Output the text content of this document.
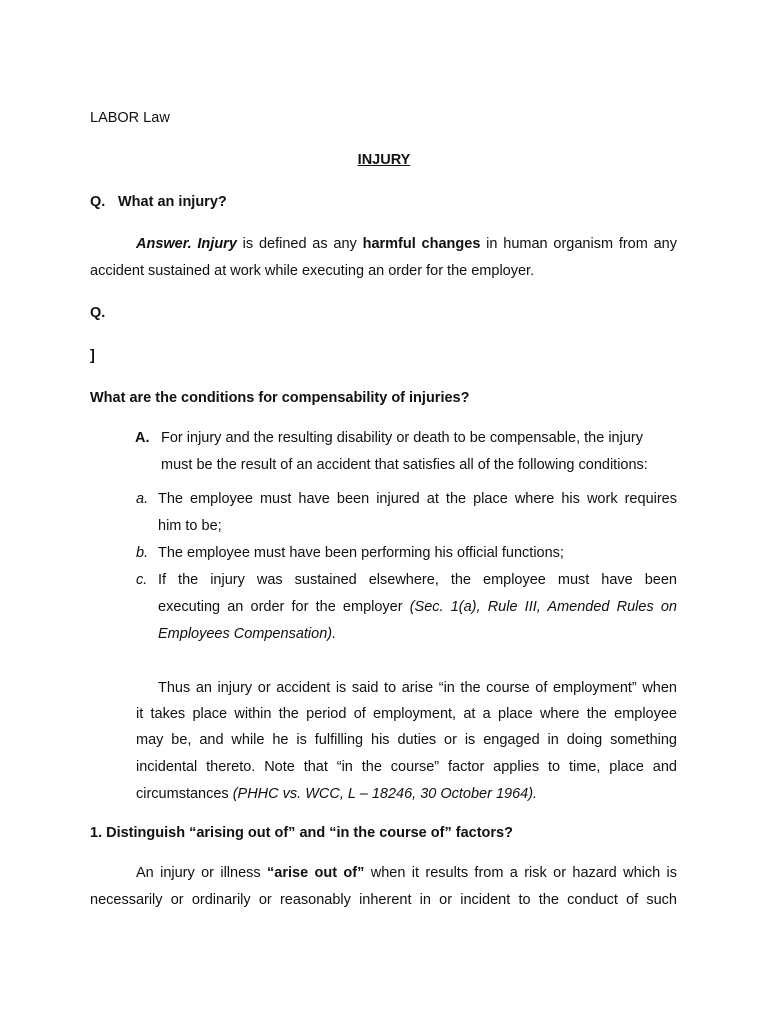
LABOR Law
INJURY
Q. What an injury?
Answer. Injury is defined as any harmful changes in human organism from any
accident sustained at work while executing an order for the employer.
Q.
]
What are the conditions for compensability of injuries?
A. For injury and the resulting disability or death to be compensable, the injury
must be the result of an accident that satisfies all of the following conditions:
a. The employee must have been injured at the place where his work requires
him to be;
b. The employee must have been performing his official functions;
c. If the injury was sustained elsewhere, the employee must have been
executing an order for the employer (Sec. 1(a), Rule III, Amended Rules on
Employees Compensation).
Thus an injury or accident is said to arise “in the course of employment” when
it takes place within the period of employment, at a place where the employee
may be, and while he is fulfilling his duties or is engaged in doing something
incidental thereto. Note that “in the course” factor applies to time, place and
circumstances (PHHC vs. WCC, L – 18246, 30 October 1964).
1. Distinguish “arising out of” and “in the course of” factors?
An injury or illness “arise out of” when it results from a risk or hazard which is
necessarily or ordinarily or reasonably inherent in or incident to the conduct of such
